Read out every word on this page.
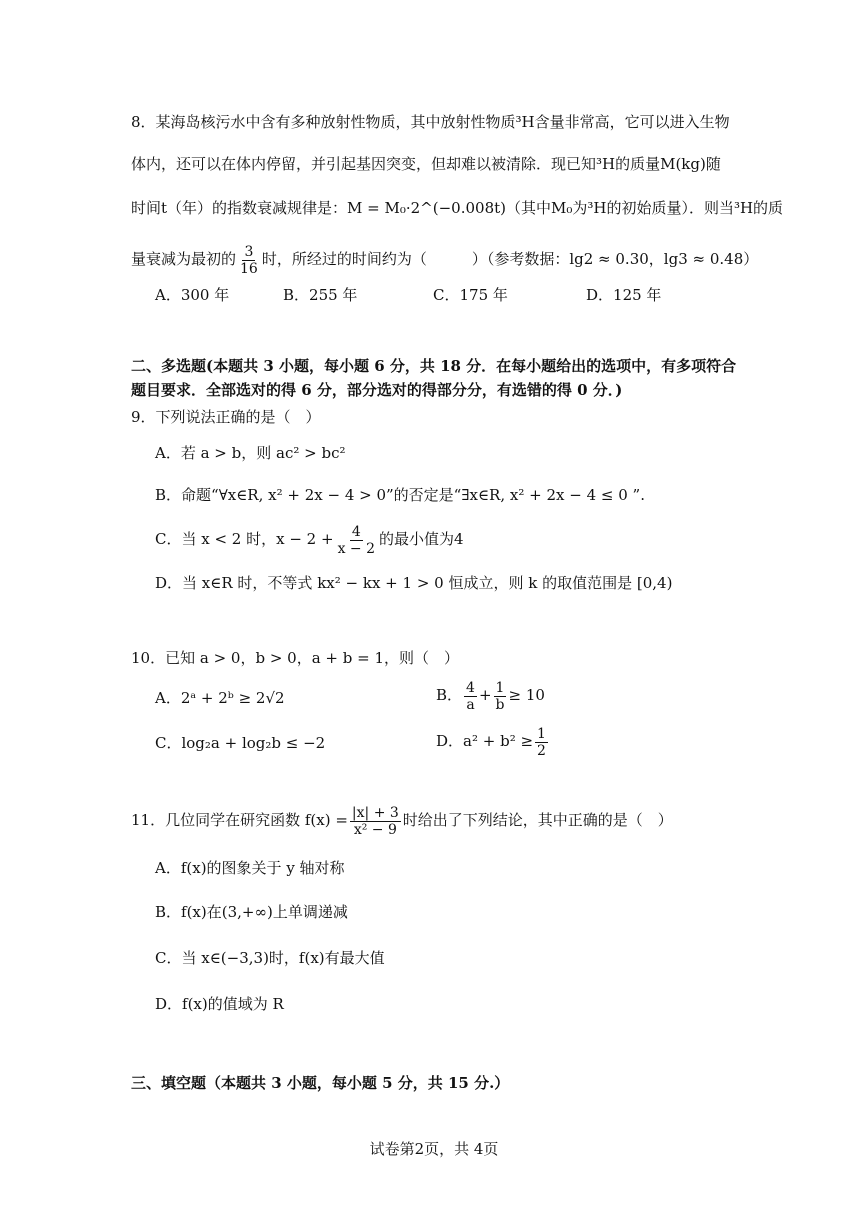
8．某海岛核污水中含有多种放射性物质，其中放射性物质³H含量非常高，它可以进入生物
体内，还可以在体内停留，并引起基因突变，但却难以被清除．现已知³H的质量M(kg)随
时间t（年）的指数衰减规律是：M = M₀·2^(−0.008t)（其中M₀为³H的初始质量）．则当³H的质
量衰减为最初的 $\frac{3}{16}$ 时，所经过的时间约为（　　　）（参考数据：lg2 ≈ 0.30，lg3 ≈ 0.48）
A．300 年	B．255 年	C．175 年	D．125 年
二、多选题(本题共 3 小题，每小题 6 分，共 18 分．在每小题给出的选项中，有多项符合
题目要求．全部选对的得 6 分，部分选对的得部分分，有选错的得 0 分．)
9．下列说法正确的是（　）
A．若 a > b，则 ac² > bc²
B．命题“∀x∈R, x² + 2x − 4 > 0”的否定是“∃x∈R, x² + 2x − 4 ≤ 0 ”.
C．当 x < 2 时，$x - 2 + \frac{4}{x - 2}$ 的最小值为4
D．当 x∈R 时，不等式 kx² − kx + 1 > 0 恒成立，则 k 的取值范围是 [0,4)
10．已知 a > 0，b > 0，a + b = 1，则（　）
A．2ᵃ + 2ᵇ ≥ 2√2	B． $\frac{4}{a} + \frac{1}{b} \ge 10$
C．log₂a + log₂b ≤ −2	D．$a^2 + b^2 \ge \frac{1}{2}$
11．几位同学在研究函数 $f(x) = \frac{|x| + 3}{\text{x² − 9}}$ 时给出了下列结论，其中正确的是（　）
A．f(x)的图象关于 y 轴对称
B．f(x)在(3,+∞)上单调递减
C．当 x∈(−3,3)时，f(x)有最大值
D．f(x)的值域为 R
三、填空题（本题共 3 小题，每小题 5 分，共 15 分.）
试卷第2页，共 4页
